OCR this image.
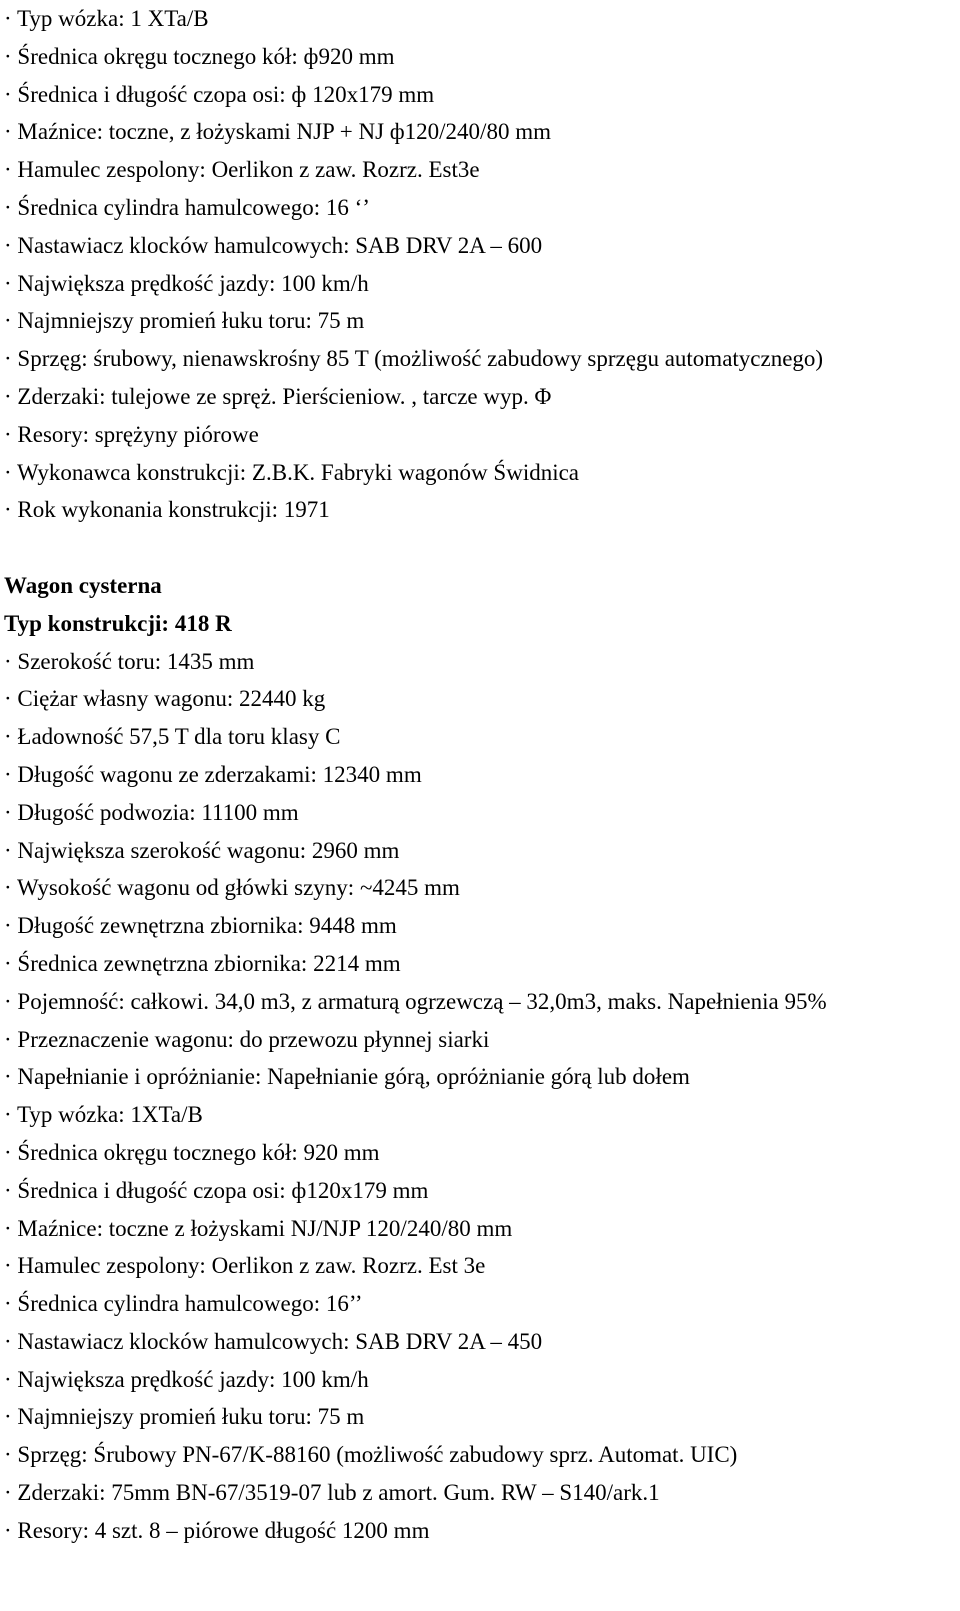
· Typ wózka: 1 XTa/B
· Średnica okręgu tocznego kół: ф920 mm
· Średnica i długość czopa osi: ф 120x179 mm
· Maźnice: toczne, z łożyskami NJP + NJ ф120/240/80 mm
· Hamulec zespolony: Oerlikon z zaw. Rozrz. Est3e
· Średnica cylindra hamulcowego: 16 ‘’
· Nastawiacz klocków hamulcowych: SAB DRV 2A – 600
· Największa prędkość jazdy: 100 km/h
· Najmniejszy promień łuku toru: 75 m
· Sprzęg: śrubowy, nienawskrośny 85 T (możliwość zabudowy sprzęgu automatycznego)
· Zderzaki: tulejowe ze spręż. Pierścieniow. , tarcze wyp. Φ
· Resory: sprężyny piórowe
· Wykonawca konstrukcji: Z.B.K. Fabryki wagonów Świdnica
· Rok wykonania konstrukcji: 1971
Wagon cysterna
Typ konstrukcji: 418 R
· Szerokość toru: 1435 mm
· Ciężar własny wagonu: 22440 kg
· Ładowność 57,5 T dla toru klasy C
· Długość wagonu ze zderzakami: 12340 mm
· Długość podwozia: 11100 mm
· Największa szerokość wagonu: 2960 mm
· Wysokość wagonu od główki szyny: ~4245 mm
· Długość zewnętrzna zbiornika: 9448 mm
· Średnica zewnętrzna zbiornika: 2214 mm
· Pojemność: całkowi. 34,0 m3, z armaturą ogrzewczą – 32,0m3, maks. Napełnienia 95%
· Przeznaczenie wagonu: do przewozu płynnej siarki
· Napełnianie i opróżnianie: Napełnianie górą, opróżnianie górą lub dołem
· Typ wózka: 1XTa/B
· Średnica okręgu tocznego kół: 920 mm
· Średnica i długość czopa osi: ф120x179 mm
· Maźnice: toczne z łożyskami NJ/NJP 120/240/80 mm
· Hamulec zespolony: Oerlikon z zaw. Rozrz. Est 3e
· Średnica cylindra hamulcowego: 16’’
· Nastawiacz klocków hamulcowych: SAB DRV 2A – 450
· Największa prędkość jazdy: 100 km/h
· Najmniejszy promień łuku toru: 75 m
· Sprzęg: Śrubowy PN-67/K-88160 (możliwość zabudowy sprz. Automat. UIC)
· Zderzaki: 75mm BN-67/3519-07 lub z amort. Gum. RW – S140/ark.1
· Resory: 4 szt. 8 – piórowe długość 1200 mm
